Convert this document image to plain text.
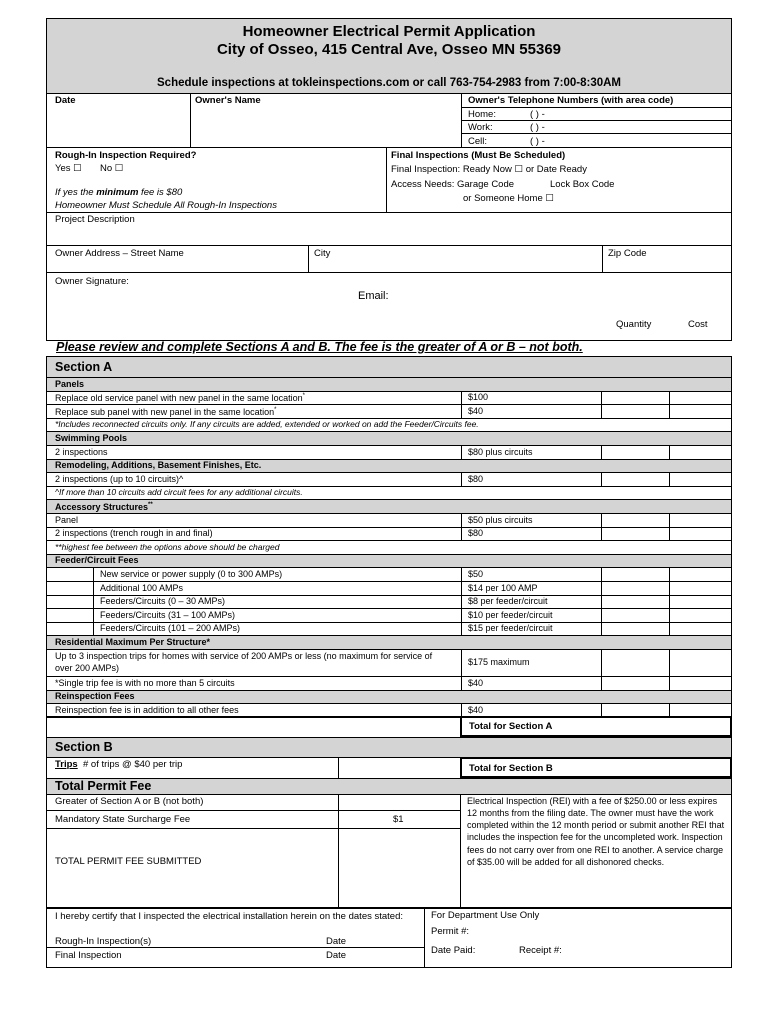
Homeowner Electrical Permit Application
City of Osseo, 415 Central Ave, Osseo MN 55369
Schedule inspections at tokleinspections.com or call 763-754-2983 from 7:00-8:30AM
Date	Owner's Name	Owner's Telephone Numbers (with area code)
Home:	( ) -
Work:	( ) -
Cell:	( ) -
Rough-In Inspection Required?
Yes ☐ No ☐
If yes the minimum fee is $80
Homeowner Must Schedule All Rough-In Inspections
Final Inspections (Must Be Scheduled)
Final Inspection: Ready Now ☐ or Date Ready
Access Needs: Garage Code	Lock Box Code
or Someone Home ☐
Project Description
Owner Address – Street Name	City	Zip Code
Owner Signature:
Email:
Quantity	Cost
Please review and complete Sections A and B. The fee is the greater of A or B – not both.
Section A
Panels
Replace old service panel with new panel in the same location*	$100
Replace sub panel with new panel in the same location*	$40
*Includes reconnected circuits only. If any circuits are added, extended or worked on add the Feeder/Circuits fee.
Swimming Pools
2 inspections	$80 plus circuits
Remodeling, Additions, Basement Finishes, Etc.
2 inspections (up to 10 circuits)^	$80
^If more than 10 circuits add circuit fees for any additional circuits.
Accessory Structures**
Panel	$50 plus circuits
2 inspections (trench rough in and final)	$80
**highest fee between the options above should be charged
Feeder/Circuit Fees
New service or power supply (0 to 300 AMPs)	$50
Additional 100 AMPs	$14 per 100 AMP
Feeders/Circuits (0 – 30 AMPs)	$8 per feeder/circuit
Feeders/Circuits (31 – 100 AMPs)	$10 per feeder/circuit
Feeders/Circuits (101 – 200 AMPs)	$15 per feeder/circuit
Residential Maximum Per Structure*
Up to 3 inspection trips for homes with service of 200 AMPs or less (no maximum for service of over 200 AMPs)
$175 maximum
*Single trip fee is with no more than 5 circuits	$40
Reinspection Fees
Reinspection fee is in addition to all other fees	$40
Total for Section A
Section B
Trips # of trips @ $40 per trip	Total for Section B
Total Permit Fee
Greater of Section A or B (not both)
Mandatory State Surcharge Fee	$1
TOTAL PERMIT FEE SUBMITTED
Electrical Inspection (REI) with a fee of $250.00 or less expires 12 months from the filing date. The owner must have the work completed within the 12 month period or submit another REI that includes the inspection fee for the uncompleted work. Inspection fees do not carry over from one REI to another. A service charge of $35.00 will be added for all dishonored checks.
I hereby certify that I inspected the electrical installation herein on the dates stated:
Rough-In Inspection(s)	Date
Final Inspection	Date
For Department Use Only
Permit #:
Date Paid:	Receipt #:
